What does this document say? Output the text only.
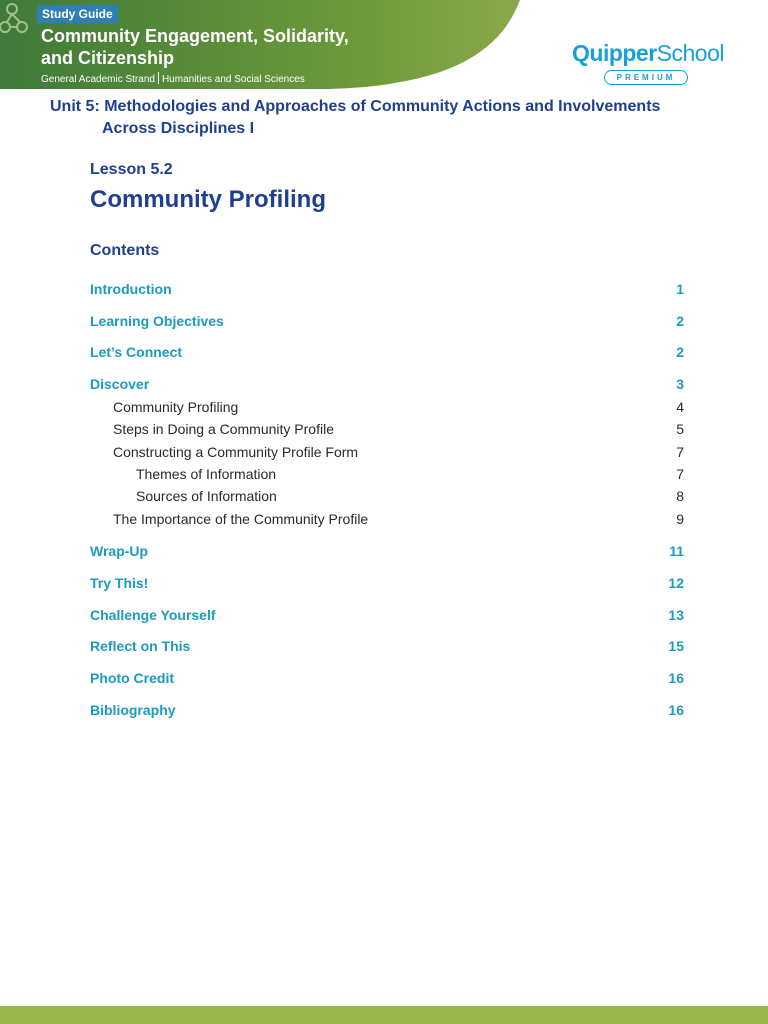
Study Guide
Community Engagement, Solidarity,
and Citizenship
General Academic Strand Humanities and Social Sciences
QuipperSchool
PREMIUM
Unit 5: Methodologies and Approaches of Community Actions and Involvements
Across Disciplines I
Lesson 5.2
Community Profiling
Contents
Introduction	1
Learning Objectives	2
Let’s Connect	2
Discover	3
Community Profiling	4
Steps in Doing a Community Profile	5
Constructing a Community Profile Form	7
Themes of Information	7
Sources of Information	8
The Importance of the Community Profile	9
Wrap-Up	11
Try This!	12
Challenge Yourself	13
Reflect on This	15
Photo Credit	16
Bibliography	16
